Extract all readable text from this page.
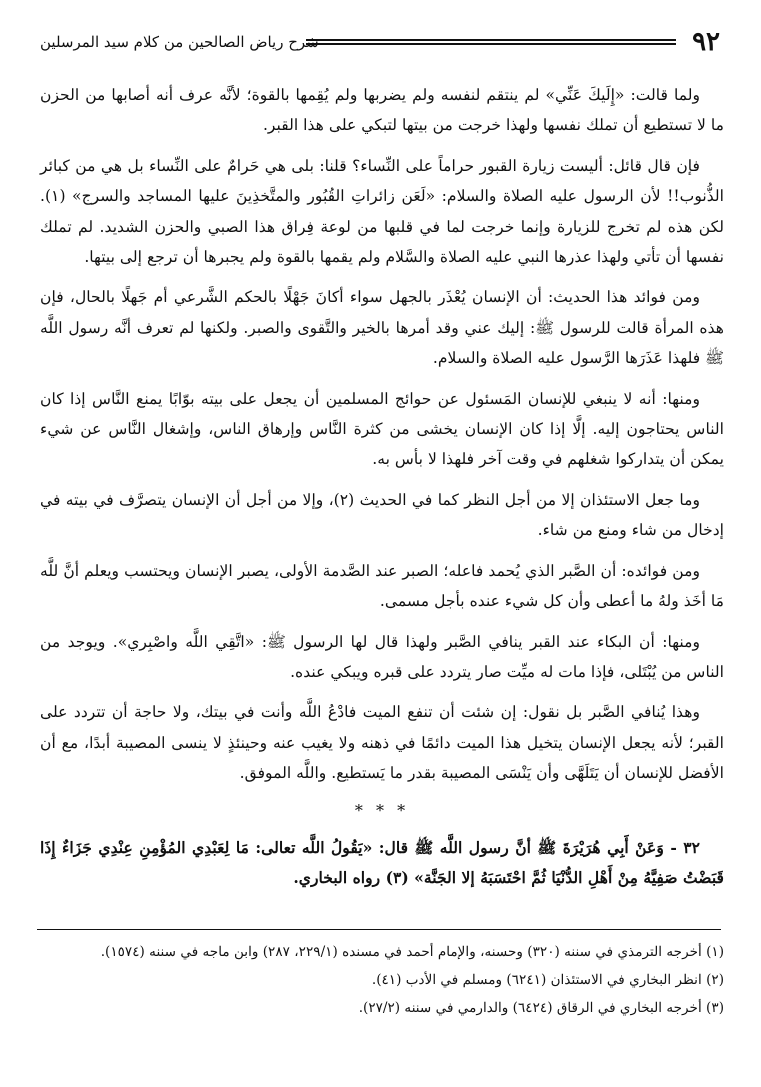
٩٢
شرح رياض الصالحين من كلام سيد المرسلين

ولما قالت: «إِلَيكَ عَنِّي» لم ينتقم لنفسه ولم يضربها ولم يُقِمها بالقوة؛ لأنَّه عرف أنه أصابها من الحزن ما لا تستطيع أن تملك نفسها ولهذا خرجت من بيتها لتبكي على هذا القبر.

فإن قال قائل: أليست زيارة القبور حراماً على النِّساء؟ قلنا: بلى هي حَرامٌ على النِّساء بل هي من كبائر الذُّنوب!! لأن الرسول عليه الصلاة والسلام: «لَعَن زائراتِ القُبُور والمتَّخذِينَ عليها المساجد والسرج» (١). لكن هذه لم تخرج للزيارة وإنما خرجت لما في قلبها من لوعة فِراق هذا الصبي والحزن الشديد. لم تملك نفسها أن تأتي ولهذا عذرها النبي عليه الصلاة والسَّلام ولم يقمها بالقوة ولم يجبرها أن ترجع إلى بيتها.

ومن فوائد هذا الحديث: أن الإنسان يُعْذَر بالجهل سواء أكانَ جَهْلًا بالحكم الشَّرعي أم جَهلًا بالحال، فإن هذه المرأة قالت للرسول ﷺ: إليك عني وقد أمرها بالخير والتَّقوى والصبر. ولكنها لم تعرف أنَّه رسول اللَّه ﷺ فلهذا عَذَرَها الرَّسول عليه الصلاة والسلام.

ومنها: أنه لا ينبغي للإنسان المَسئول عن حوائج المسلمين أن يجعل على بيته بوّابًا يمنع النَّاس إذا كان الناس يحتاجون إليه. إلَّا إذا كان الإنسان يخشى من كثرة النَّاس وإرهاق الناس، وإشغال النَّاس عن شيء يمكن أن يتداركوا شغلهم في وقت آخر فلهذا لا بأس به.

وما جعل الاستئذان إلا من أجل النظر كما في الحديث (٢)، وإلا من أجل أن الإنسان يتصرَّف في بيته في إدخال من شاء ومنع من شاء.

ومن فوائده: أن الصَّبر الذي يُحمد فاعله؛ الصبر عند الصَّدمة الأولى، يصبر الإنسان ويحتسب ويعلم أنَّ للَّه مَا أخَذ ولهُ ما أعطى وأن كل شيء عنده بأجل مسمى.

ومنها: أن البكاء عند القبر ينافي الصَّبر ولهذا قال لها الرسول ﷺ: «اتَّقِي اللَّه واصْبِري». ويوجد من الناس من يُبْتَلى، فإذا مات له ميِّت صار يتردد على قبره ويبكي عنده.

وهذا يُنافي الصَّبر بل نقول: إن شئت أن تنفع الميت فادْعُ اللَّه وأنت في بيتك، ولا حاجة أن تتردد على القبر؛ لأنه يجعل الإنسان يتخيل هذا الميت دائمًا في ذهنه ولا يغيب عنه وحينئذٍ لا ينسى المصيبة أبدًا، مع أن الأفضل للإنسان أن يَتَلَهَّى وأن يَنْسَى المصيبة بقدر ما يَستطيع. واللَّه الموفق.

* * *

٣٢ - وَعَنْ أَبِي هُرَيْرَةَ ﷺ أنَّ رسول اللَّه ﷺ قال: «يَقُولُ اللَّه تعالى: مَا لِعَبْدِي المُؤْمِنِ عِنْدِي جَزَاءٌ إِذَا قَبَضْتُ صَفِيَّهُ مِنْ أَهْلِ الدُّنْيَا ثُمَّ احْتَسَبَهُ إلا الجَنَّة» (٣) رواه البخاري.

(١) أخرجه الترمذي في سننه (٣٢٠) وحسنه، والإمام أحمد في مسنده (٢٢٩/١، ٢٨٧) وابن ماجه في سننه (١٥٧٤).
(٢) انظر البخاري في الاستئذان (٦٢٤١) ومسلم في الأدب (٤١).
(٣) أخرجه البخاري في الرقاق (٦٤٢٤) والدارمي في سننه (٢٧/٢).
